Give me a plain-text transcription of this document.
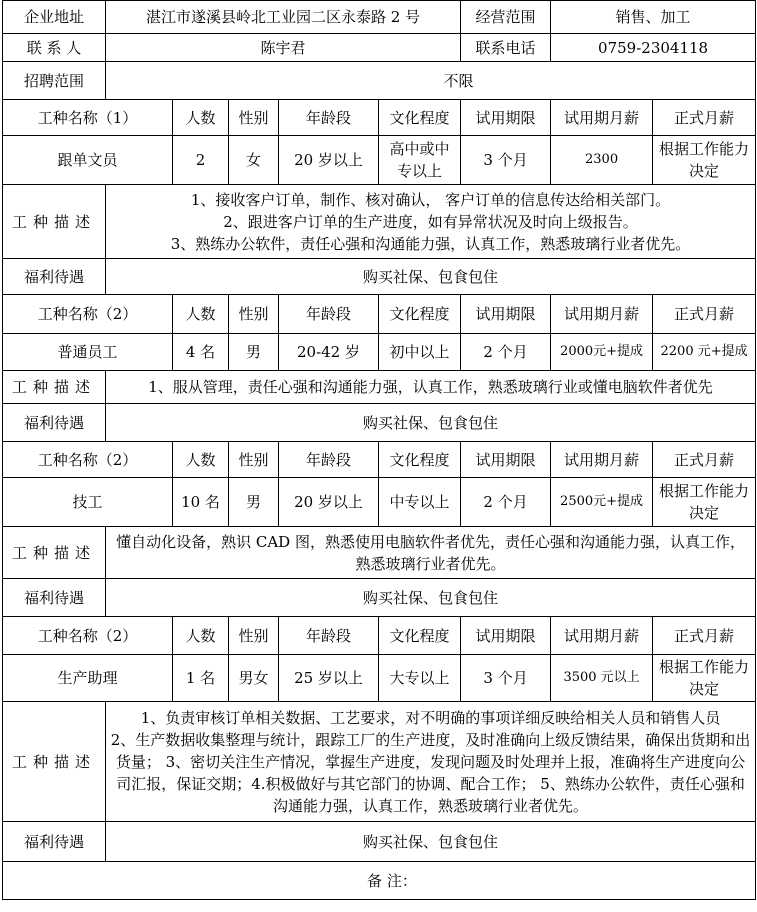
企业地址	湛江市遂溪县岭北工业园二区永泰路 2 号					经营范围	销售、加工	
联 系 人	陈宇君					联系电话	0759-2304118	
招聘范围	不限							
工种名称（1）		人数	性别	年龄段	文化程度	试用期限	试用期月薪	正式月薪
跟单文员		2	女	20 岁以上	高中或中专以上	3 个月	2300	根据工作能力决定
工种描述	1、接收客户订单，制作、核对确认， 客户订单的信息传达给相关部门。
2、跟进客户订单的生产进度，如有异常状况及时向上级报告。
3、熟练办公软件，责任心强和沟通能力强，认真工作，熟悉玻璃行业者优先。							

福利待遇	购买社保、包食包住							
工种名称（2）		人数	性别	年龄段	文化程度	试用期限	试用期月薪	正式月薪
普通员工		4 名	男	20-42 岁	初中以上	2 个月	2000元+提成	2200 元+提成
工种描述	1、服从管理，责任心强和沟通能力强，认真工作，熟悉玻璃行业或懂电脑软件者优先							

福利待遇	购买社保、包食包住							
工种名称（2）		人数	性别	年龄段	文化程度	试用期限	试用期月薪	正式月薪
技工		10 名	男	20 岁以上	中专以上	2 个月	2500元+提成	根据工作能力决定
工种描述	懂自动化设备，熟识 CAD 图，熟悉使用电脑软件者优先，责任心强和沟通能力强，认真工作，熟悉玻璃行业者优先。							

福利待遇	购买社保、包食包住							
工种名称（2）		人数	性别	年龄段	文化程度	试用期限	试用期月薪	正式月薪
生产助理		1 名	男女	25 岁以上	大专以上	3 个月	3500 元以上	根据工作能力决定
工种描述	1、负责审核订单相关数据、工艺要求，对不明确的事项详细反映给相关人员和销售人员
2、生产数据收集整理与统计，跟踪工厂的生产进度，及时准确向上级反馈结果，确保出货期和出货量； 3、密切关注生产情况，掌握生产进度，发现问题及时处理并上报，准确将生产进度向公 司汇报，保证交期；4.积极做好与其它部门的协调、配合工作； 5、熟练办公软件，责任心强和沟通能力强，认真工作，熟悉玻璃行业者优先。							

福利待遇	购买社保、包食包住							
备 注：								
